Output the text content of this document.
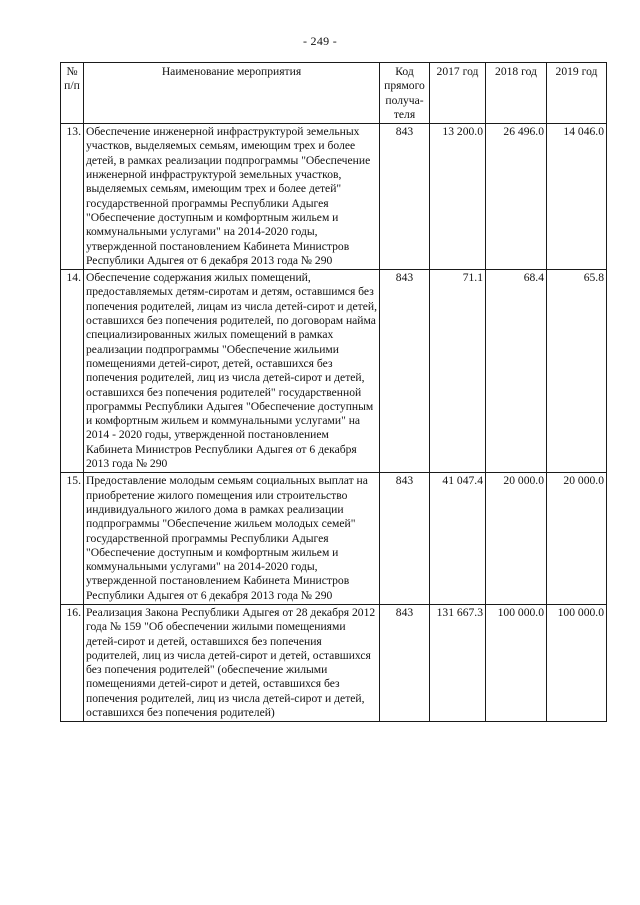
- 249 -
№ п/п	Наименование мероприятия	Код прямого получа-теля	2017 год	2018 год	2019 год
13.	Обеспечение инженерной инфраструктурой земельных участков, выделяемых семьям, имеющим трех и более детей, в рамках реализации подпрограммы "Обеспечение инженерной инфраструктурой земельных участков, выделяемых семьям, имеющим трех и более детей" государственной программы Республики Адыгея "Обеспечение доступным и комфортным жильем и коммунальными услугами" на 2014-2020 годы, утвержденной постановлением Кабинета Министров Республики Адыгея от 6 декабря 2013 года № 290	843	13 200.0	26 496.0	14 046.0
14.	Обеспечение содержания жилых помещений, предоставляемых детям-сиротам и детям, оставшимся без попечения родителей, лицам из числа детей-сирот и детей, оставшихся без попечения родителей, по договорам найма специализированных жилых помещений в рамках реализации подпрограммы "Обеспечение жильими помещениями детей-сирот, детей, оставшихся без попечения родителей, лиц из числа детей-сирот и детей, оставшихся без попечения родителей" государственной программы Республики Адыгея "Обеспечение доступным и комфортным жильем и коммунальными услугами" на 2014 - 2020 годы, утвержденной постановлением Кабинета Министров Республики Адыгея от 6 декабря 2013 года № 290	843	71.1	68.4	65.8
15.	Предоставление молодым семьям социальных выплат на приобретение жилого помещения или строительство индивидуального жилого дома в рамках реализации подпрограммы "Обеспечение жильем молодых семей" государственной программы Республики Адыгея "Обеспечение доступным и комфортным жильем и коммунальными услугами" на 2014-2020 годы, утвержденной постановлением Кабинета Министров Республики Адыгея от 6 декабря 2013 года № 290	843	41 047.4	20 000.0	20 000.0
16.	Реализация Закона Республики Адыгея от 28 декабря 2012 года № 159 "Об обеспечении жилыми помещениями детей-сирот и детей, оставшихся без попечения родителей, лиц из числа детей-сирот и детей, оставшихся без попечения родителей" (обеспечение жилыми помещениями детей-сирот и детей, оставшихся без попечения родителей, лиц из числа детей-сирот и детей, оставшихся без попечения родителей)	843	131 667.3	100 000.0	100 000.0
